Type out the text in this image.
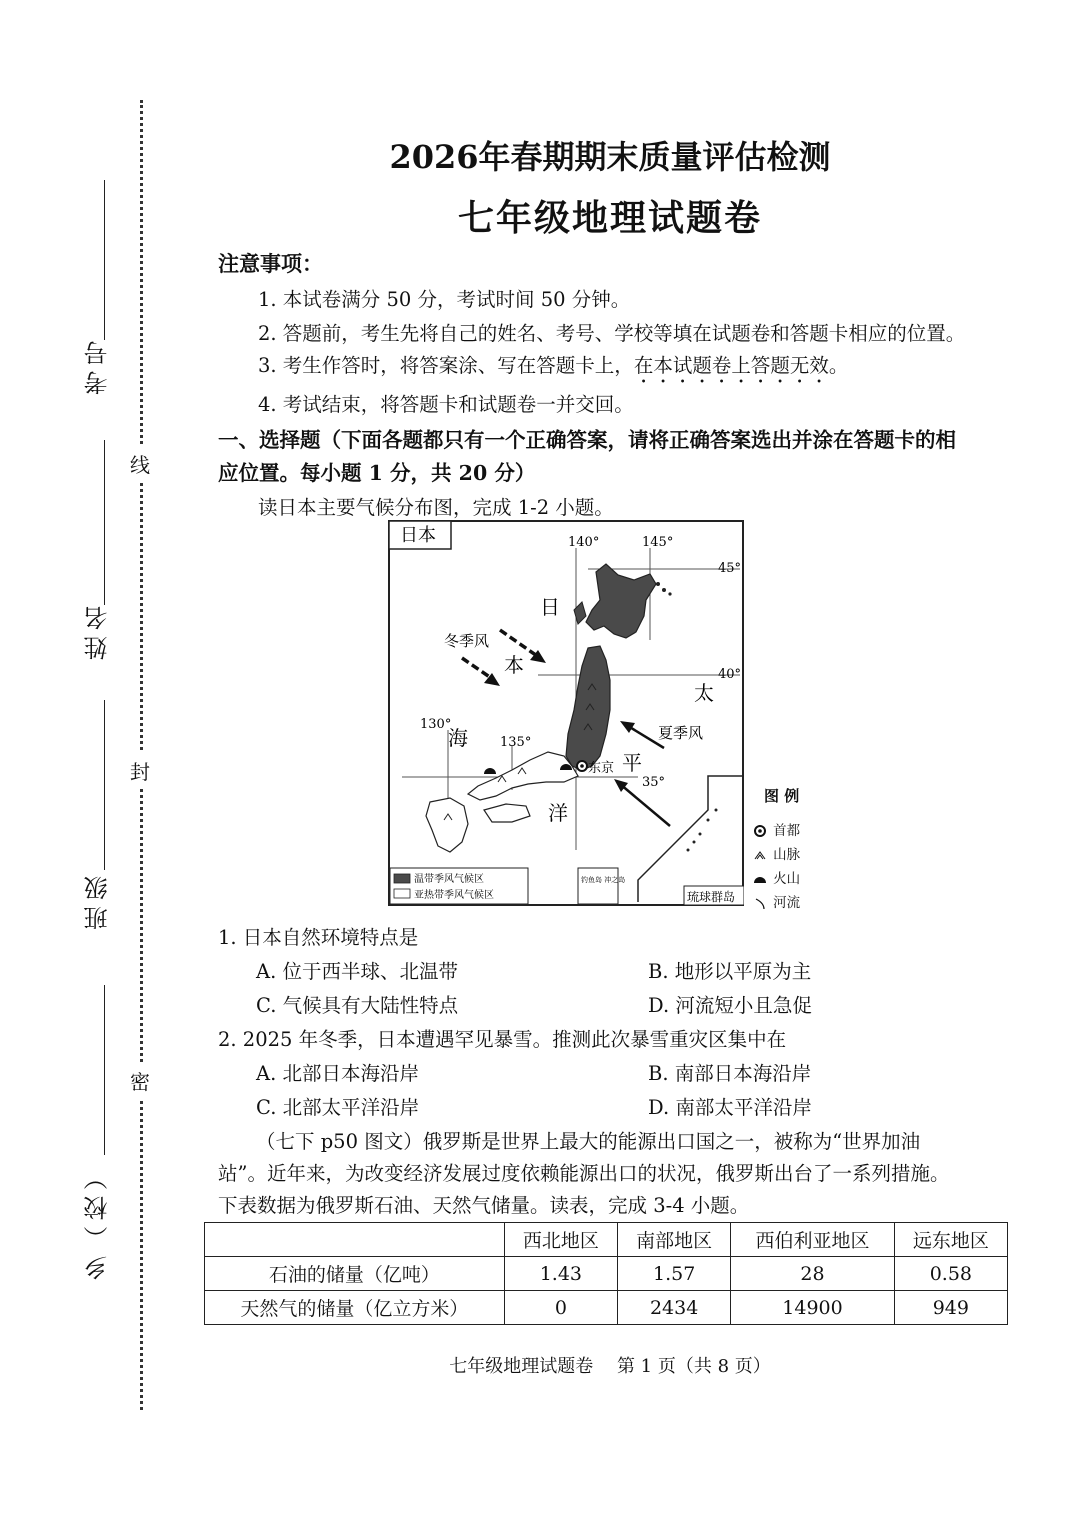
线
封
密
考号
姓名
班级
乡（校）
2026年春期期末质量评估检测
七年级地理试题卷
注意事项：
1. 本试卷满分 50 分，考试时间 50 分钟。
2. 答题前，考生先将自己的姓名、考号、学校等填在试题卷和答题卡相应的位置。
3. 考生作答时，将答案涂、写在答题卡上，在本试题卷上答题无效。
4. 考试结束，将答题卡和试题卷一并交回。
一、选择题（下面各题都只有一个正确答案，请将正确答案选出并涂在答题卡的相
应位置。每小题 1 分，共 20 分）
读日本主要气候分布图，完成 1-2 小题。
日本	140°	145°
130°
135°
45°
40°
35°
东京
日
本
海
太
平
洋
冬季风
夏季风
钓鱼岛 冲之岛
琉球群岛
温带季风气候区
亚热带季风气候区
图 例
首都
山脉
火山
河流
1. 日本自然环境特点是
A. 位于西半球、北温带	B. 地形以平原为主
C. 气候具有大陆性特点	D. 河流短小且急促
2. 2025 年冬季，日本遭遇罕见暴雪。推测此次暴雪重灾区集中在
A. 北部日本海沿岸	B. 南部日本海沿岸
C. 北部太平洋沿岸	D. 南部太平洋沿岸
（七下 p50 图文）俄罗斯是世界上最大的能源出口国之一，被称为“世界加油
站”。近年来，为改变经济发展过度依赖能源出口的状况，俄罗斯出台了一系列措施。
下表数据为俄罗斯石油、天然气储量。读表，完成 3-4 小题。
	西北地区	南部地区	西伯利亚地区	远东地区
石油的储量（亿吨）	1.43	1.57	28	0.58
天然气的储量（亿立方米）	0	2434	14900	949
七年级地理试题卷　 第 1 页（共 8 页）
